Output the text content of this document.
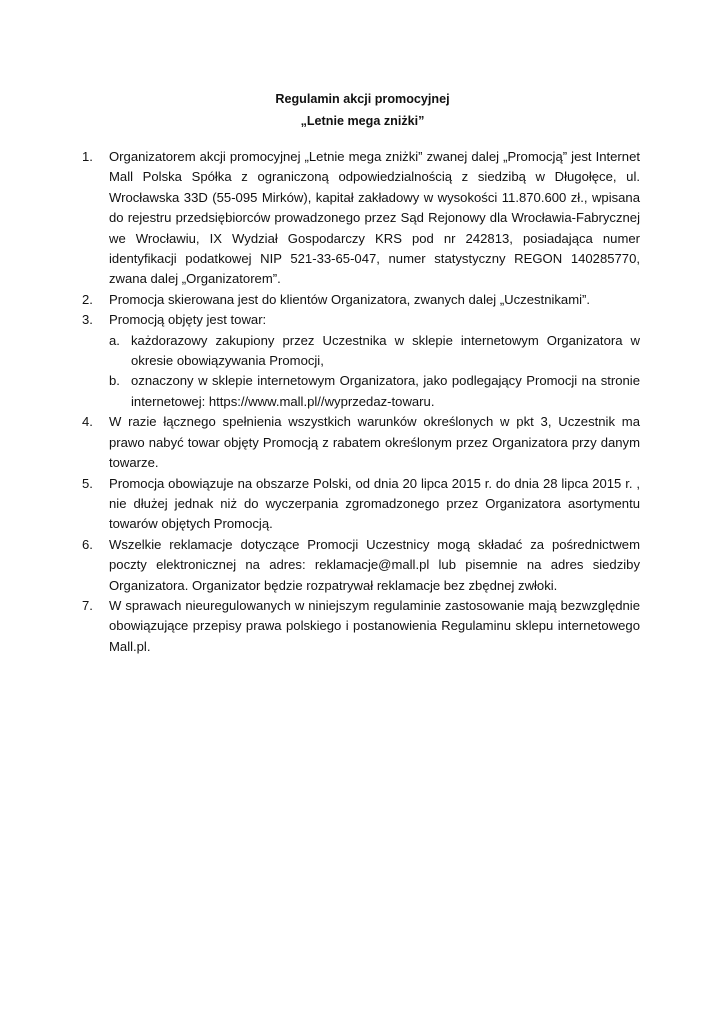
Regulamin akcji promocyjnej
„Letnie mega zniżki”
1.	Organizatorem akcji promocyjnej „Letnie mega zniżki” zwanej dalej „Promocją” jest Internet Mall Polska Spółka z ograniczoną odpowiedzialnością z siedzibą w Długołęce, ul. Wrocławska 33D (55-095 Mirków), kapitał zakładowy w wysokości 11.870.600 zł., wpisana do rejestru przedsiębiorców prowadzonego przez Sąd Rejonowy dla Wrocławia-Fabrycznej we Wrocławiu, IX Wydział Gospodarczy KRS pod nr 242813, posiadająca numer identyfikacji podatkowej NIP 521-33-65-047, numer statystyczny REGON 140285770, zwana dalej „Organizatorem”.
2.	Promocja skierowana jest do klientów Organizatora, zwanych dalej „Uczestnikami”.
3.	Promocją objęty jest towar:
a. każdorazowy zakupiony przez Uczestnika w sklepie internetowym Organizatora w okresie obowiązywania Promocji,
b. oznaczony w sklepie internetowym Organizatora, jako podlegający Promocji na stronie internetowej: https://www.mall.pl//wyprzedaz-towaru.
4.	W razie łącznego spełnienia wszystkich warunków określonych w pkt 3, Uczestnik ma prawo nabyć towar objęty Promocją z rabatem określonym przez Organizatora przy danym towarze.
5.	Promocja obowiązuje na obszarze Polski, od dnia 20 lipca 2015 r. do dnia 28 lipca 2015 r. , nie dłużej jednak niż do wyczerpania zgromadzonego przez Organizatora asortymentu towarów objętych Promocją.
6.	Wszelkie reklamacje dotyczące Promocji Uczestnicy mogą składać za pośrednictwem poczty elektronicznej na adres: reklamacje@mall.pl lub pisemnie na adres siedziby Organizatora. Organizator będzie rozpatrywał reklamacje bez zbędnej zwłoki.
7.	W sprawach nieuregulowanych w niniejszym regulaminie zastosowanie mają bezwzględnie obowiązujące przepisy prawa polskiego i postanowienia Regulaminu sklepu internetowego Mall.pl.
